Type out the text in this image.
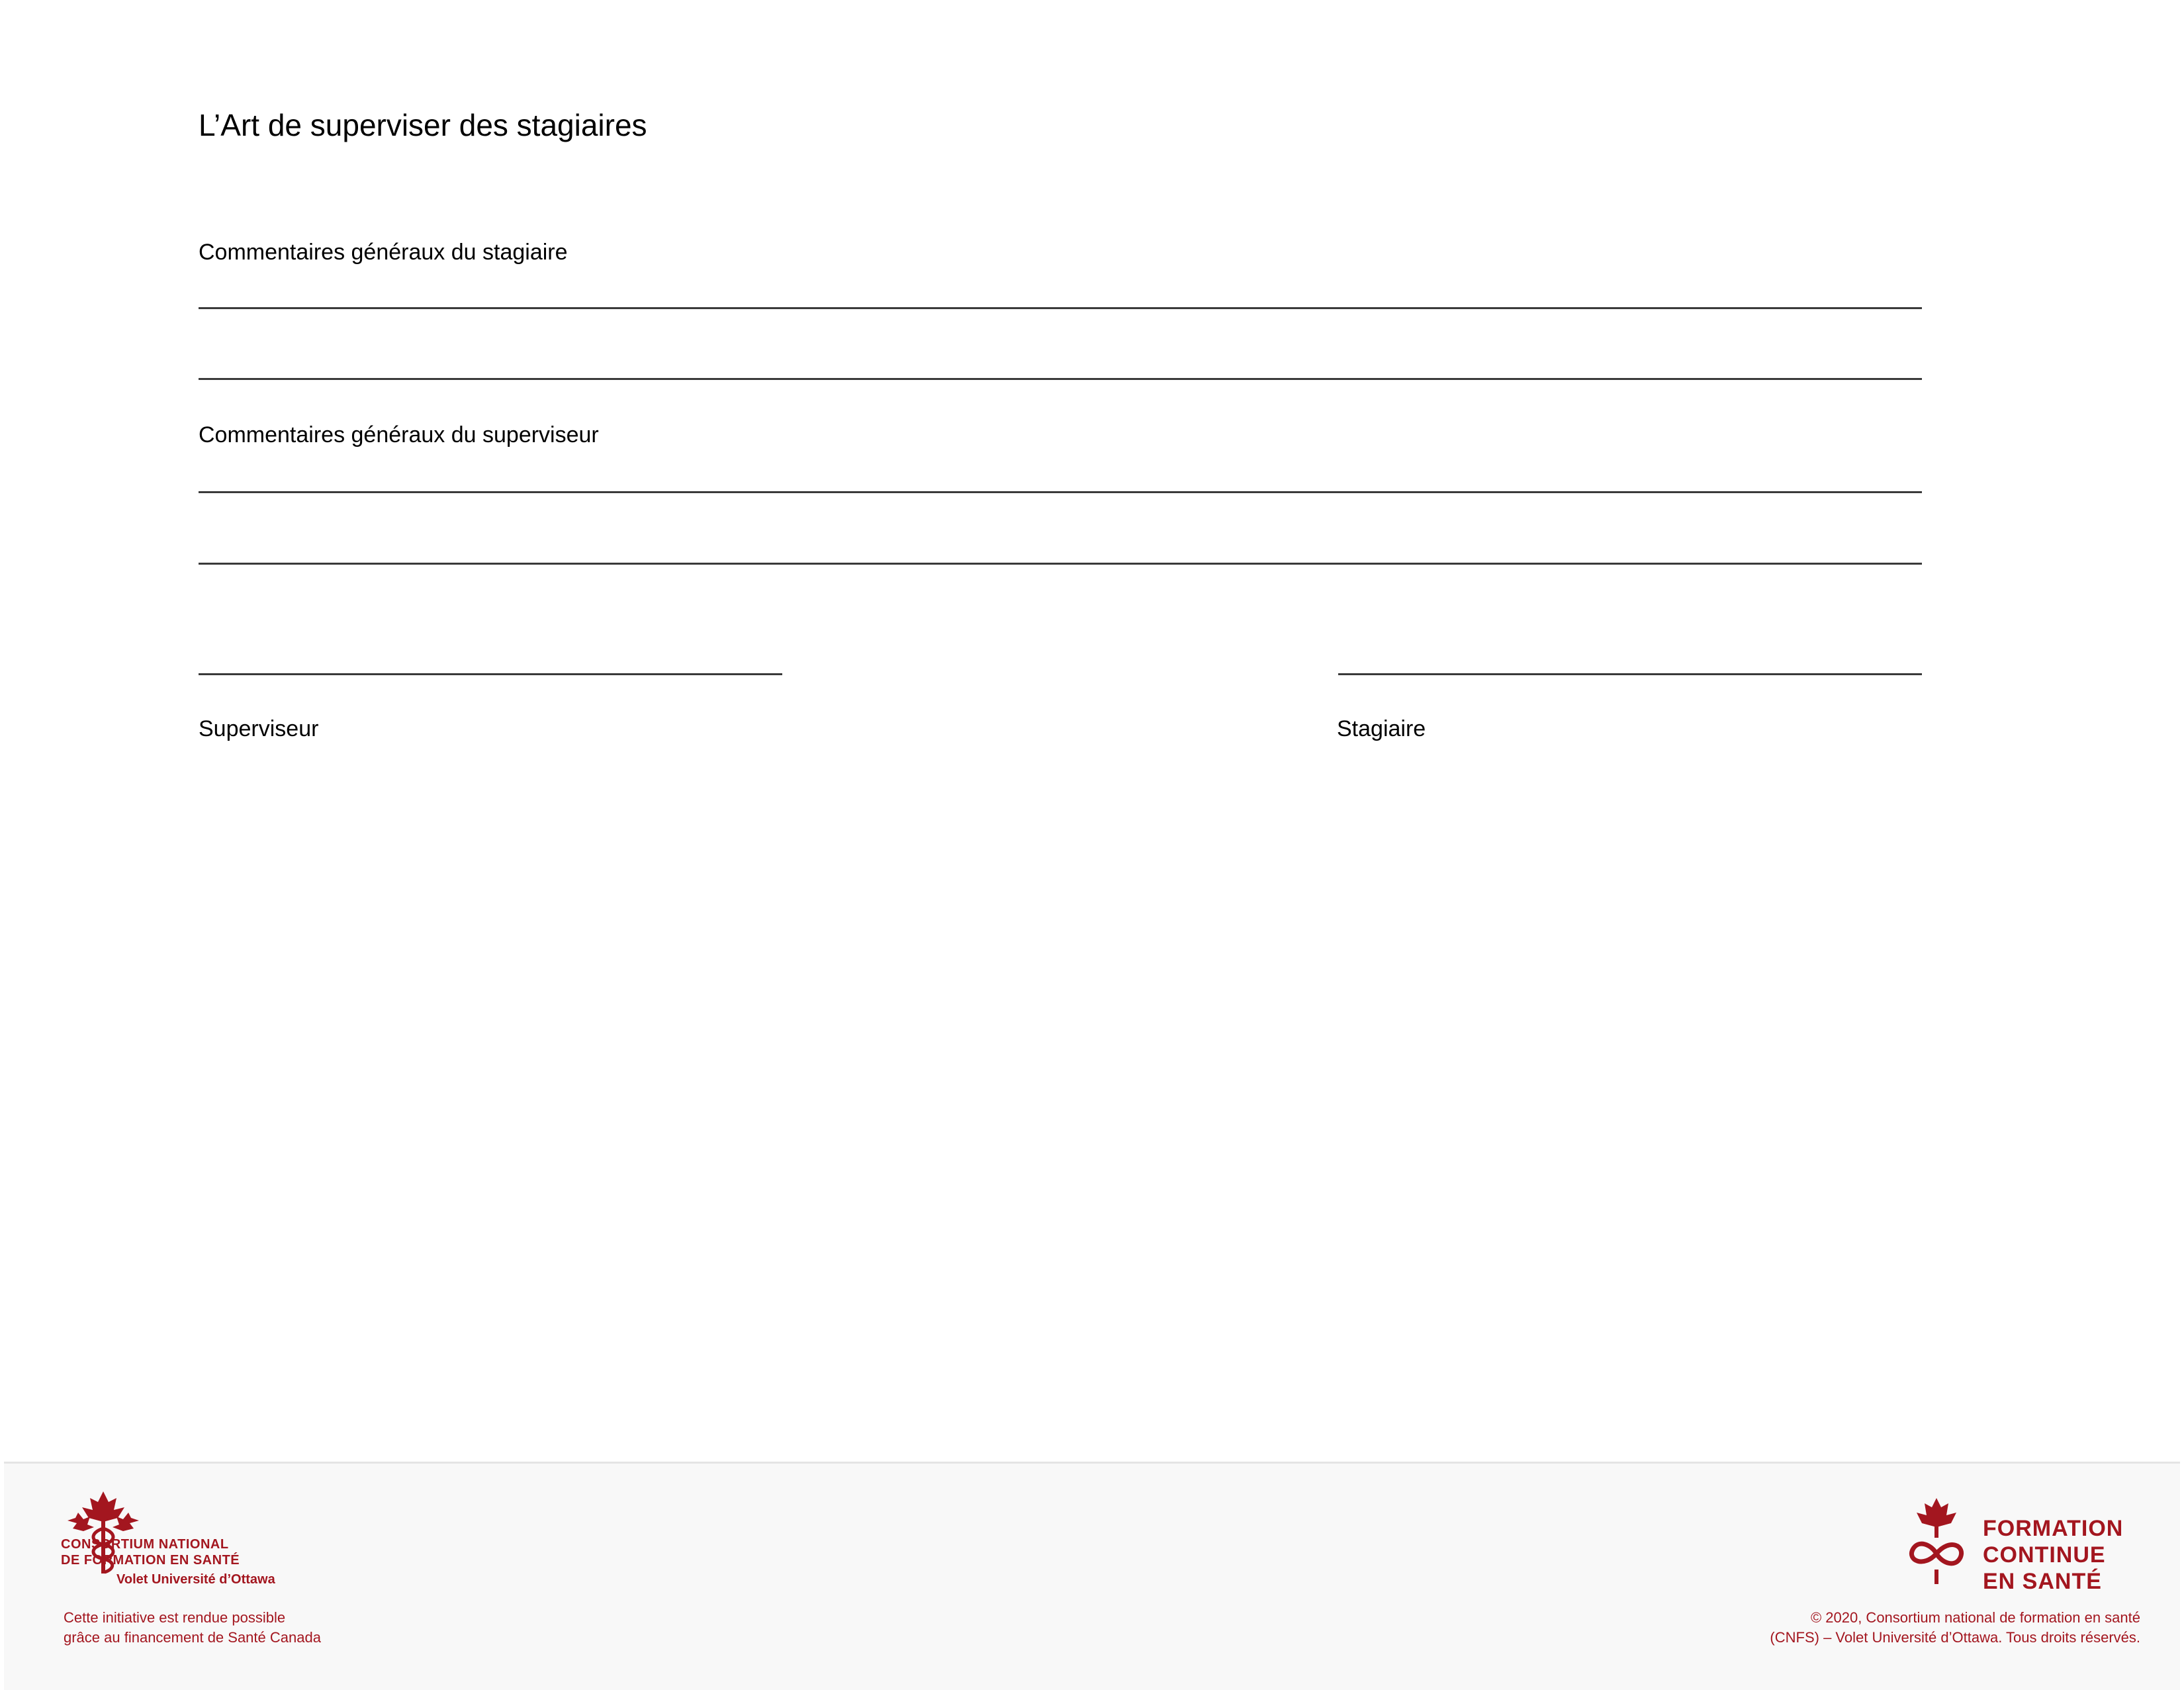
L’Art de superviser des stagiaires
Commentaires généraux du stagiaire
Commentaires généraux du superviseur
Superviseur	Stagiaire
CONSORTIUM NATIONAL
DE FORMATION EN SANTÉ
Volet Université d’Ottawa
Cette initiative est rendue possible
grâce au financement de Santé Canada
FORMATION
CONTINUE
EN SANTÉ
© 2020, Consortium national de formation en santé
(CNFS) – Volet Université d’Ottawa. Tous droits réservés.
